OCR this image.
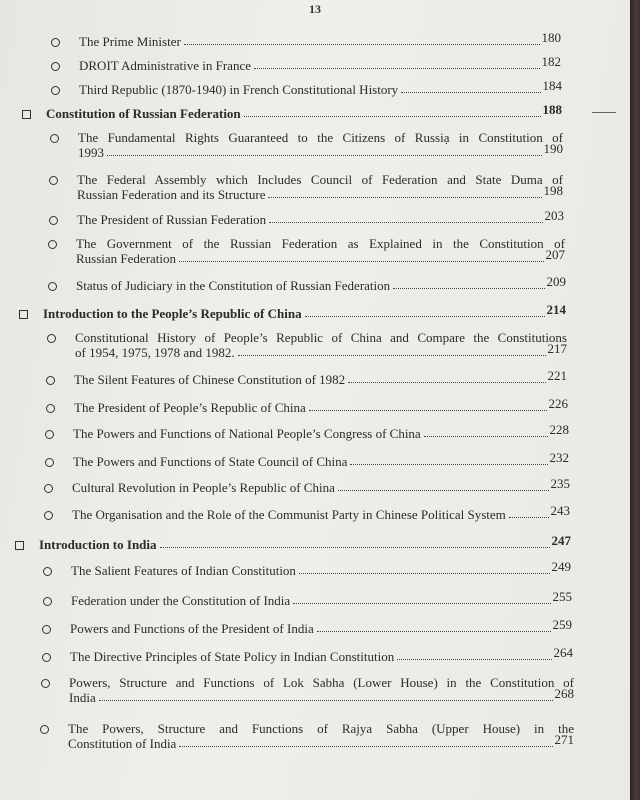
13
The Prime Minister	180
DROIT Administrative in France	182
Third Republic (1870-1940) in French Constitutional History	184
Constitution of Russian Federation	188
The Fundamental Rights Guaranteed to the Citizens of Russiạ in Constitution of
1993	190
The Federal Assembly which Includes Council of Federation and State Duma of
Russian Federation and its Structure	198
The President of Russian Federation	203
The Government of the Russian Federation as Explained in the Constitution of
Russian Federation	207
Status of Judiciary in the Constitution of Russian Federation	209
Introduction to the People’s Republic of China	214
Constitutional History of People’s Republic of China and Compare the Constitutions
of 1954, 1975, 1978 and 1982.	217
The Silent Features of Chinese Constitution of 1982	221
The President of People’s Republic of China	226
The Powers and Functions of National People’s Congress of China	228
The Powers and Functions of State Council of China	232
Cultural Revolution in People’s Republic of China	235
The Organisation and the Role of the Communist Party in Chinese Political System	243
Introduction to India	247
The Salient Features of Indian Constitution	249
Federation under the Constitution of India	255
Powers and Functions of the President of India	259
The Directive Principles of State Policy in Indian Constitution	264
Powers, Structure and Functions of Lok Sabha (Lower House) in the Constitution of
India	268
The Powers, Structure and Functions of Rajya Sabha (Upper House) in the
Constitution of India	271
